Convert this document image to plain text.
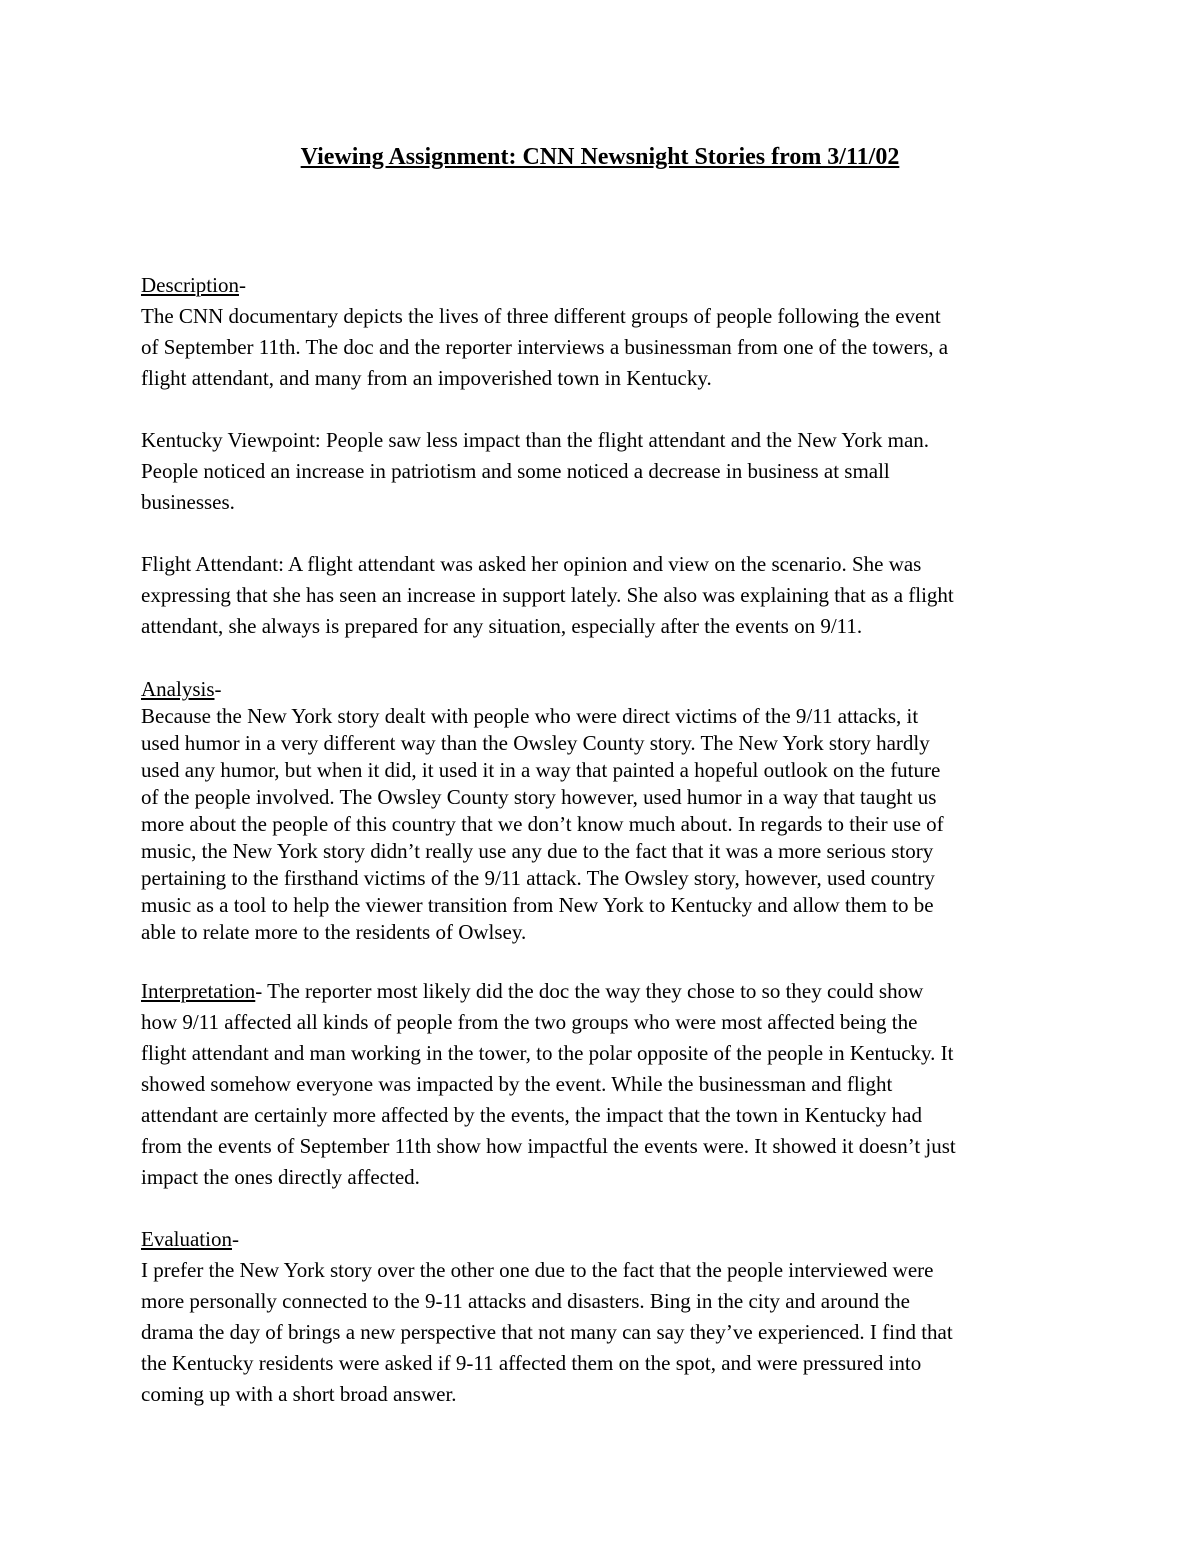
Viewing Assignment: CNN Newsnight Stories from 3/11/02
Description-
The CNN documentary depicts the lives of three different groups of people following the event
of September 11th. The doc and the reporter interviews a businessman from one of the towers, a
flight attendant, and many from an impoverished town in Kentucky.
Kentucky Viewpoint: People saw less impact than the flight attendant and the New York man.
People noticed an increase in patriotism and some noticed a decrease in business at small
businesses.
Flight Attendant: A flight attendant was asked her opinion and view on the scenario. She was
expressing that she has seen an increase in support lately. She also was explaining that as a flight
attendant, she always is prepared for any situation, especially after the events on 9/11.
Analysis-
Because the New York story dealt with people who were direct victims of the 9/11 attacks, it
used humor in a very different way than the Owsley County story. The New York story hardly
used any humor, but when it did, it used it in a way that painted a hopeful outlook on the future
of the people involved. The Owsley County story however, used humor in a way that taught us
more about the people of this country that we don’t know much about. In regards to their use of
music, the New York story didn’t really use any due to the fact that it was a more serious story
pertaining to the firsthand victims of the 9/11 attack. The Owsley story, however, used country
music as a tool to help the viewer transition from New York to Kentucky and allow them to be
able to relate more to the residents of Owlsey.
Interpretation- The reporter most likely did the doc the way they chose to so they could show
how 9/11 affected all kinds of people from the two groups who were most affected being the
flight attendant and man working in the tower, to the polar opposite of the people in Kentucky. It
showed somehow everyone was impacted by the event. While the businessman and flight
attendant are certainly more affected by the events, the impact that the town in Kentucky had
from the events of September 11th show how impactful the events were. It showed it doesn’t just
impact the ones directly affected.
Evaluation-
I prefer the New York story over the other one due to the fact that the people interviewed were
more personally connected to the 9-11 attacks and disasters. Bing in the city and around the
drama the day of brings a new perspective that not many can say they’ve experienced. I find that
the Kentucky residents were asked if 9-11 affected them on the spot, and were pressured into
coming up with a short broad answer.
